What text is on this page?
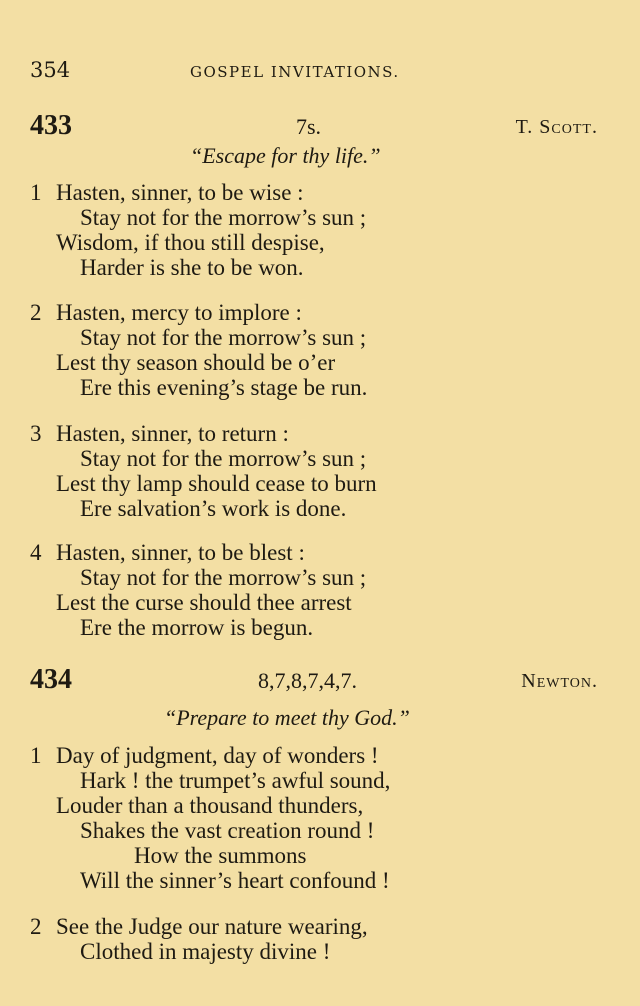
354	GOSPEL INVITATIONS.
433	7s.	T. Scott.
“Escape for thy life.”
1 Hasten, sinner, to be wise :
Stay not for the morrow’s sun ;
Wisdom, if thou still despise,
Harder is she to be won.
2 Hasten, mercy to implore :
Stay not for the morrow’s sun ;
Lest thy season should be o’er
Ere this evening’s stage be run.
3 Hasten, sinner, to return :
Stay not for the morrow’s sun ;
Lest thy lamp should cease to burn
Ere salvation’s work is done.
4 Hasten, sinner, to be blest :
Stay not for the morrow’s sun ;
Lest the curse should thee arrest
Ere the morrow is begun.
434	8,7,8,7,4,7.	Newton.
“Prepare to meet thy God.”
1 Day of judgment, day of wonders !
Hark ! the trumpet’s awful sound,
Louder than a thousand thunders,
Shakes the vast creation round !
How the summons
Will the sinner’s heart confound !
2 See the Judge our nature wearing,
Clothed in majesty divine !
